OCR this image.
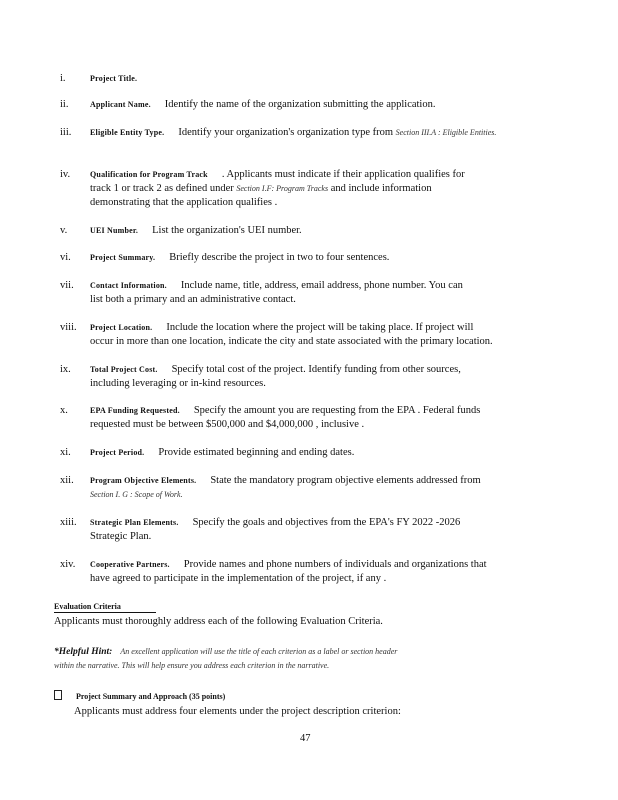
i.	Project Title.
ii.	Applicant Name. Identify the name of the organization submitting the application.
iii.	Eligible Entity Type. Identify your organization's organization type from Section III.A : Eligible Entities.
iv.	Qualification for Program Track . Applicants must indicate if their application qualifies for
track 1 or track 2 as defined under Section I.F: Program Tracks and include information
demonstrating that the application qualifies .
v.	UEI Number. List the organization's UEI number.
vi.	Project Summary. Briefly describe the project in two to four sentences.
vii.	Contact Information. Include name, title, address, email address, phone number. You can
list both a primary and an administrative contact.
viii.	Project Location. Include the location where the project will be taking place. If project will
occur in more than one location, indicate the city and state associated with the primary location.
ix.	Total Project Cost. Specify total cost of the project. Identify funding from other sources,
including leveraging or in-kind resources.
x.	EPA Funding Requested. Specify the amount you are requesting from the EPA . Federal funds
requested must be between $500,000 and $4,000,000 , inclusive .
xi.	Project Period. Provide estimated beginning and ending dates.
xii.	Program Objective Elements. State the mandatory program objective elements addressed from
Section I. G : Scope of Work.
xiii.	Strategic Plan Elements. Specify the goals and objectives from the EPA's FY 2022 -2026
Strategic Plan.
xiv.	Cooperative Partners. Provide names and phone numbers of individuals and organizations that
have agreed to participate in the implementation of the project, if any .
Evaluation Criteria
Applicants must thoroughly address each of the following Evaluation Criteria.
*Helpful Hint: An excellent application will use the title of each criterion as a label or section header
within the narrative. This will help ensure you address each criterion in the narrative.
Project Summary and Approach (35 points)
Applicants must address four elements under the project description criterion:
47
